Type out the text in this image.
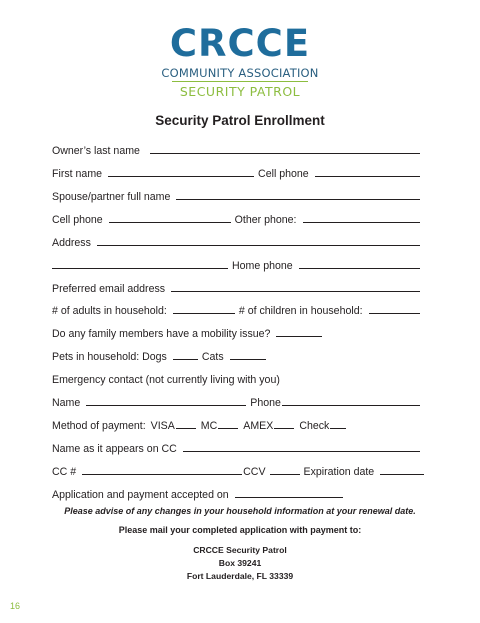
CRCCE
COMMUNITY ASSOCIATION
SECURITY PATROL
Security Patrol Enrollment
Owner’s last name
First name	Cell phone
Spouse/partner full name
Cell phone	Other phone:
Address
Home phone
Preferred email address
# of adults in household:	# of children in household:
Do any family members have a mobility issue?
Pets in household: Dogs	Cats
Emergency contact (not currently living with you)
Name	Phone
Method of payment: VISA MC AMEX Check
Name as it appears on CC
CC #	CCV	Expiration date
Application and payment accepted on
Please advise of any changes in your household information at your renewal date.
Please mail your completed application with payment to:
CRCCE Security Patrol
Box 39241
Fort Lauderdale, FL 33339
16
